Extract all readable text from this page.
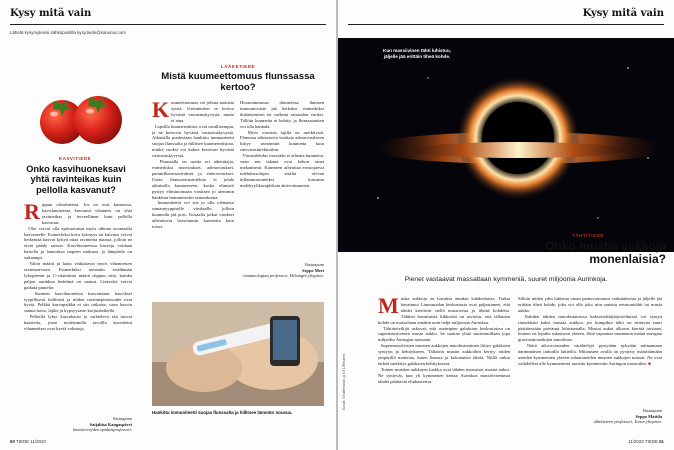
Kysy mitä vain
Lähetä kysymyksesi sähköpostilla kysy.tiede@sanoma.com
KASVITIEDE
Onko kasvihuoneksavi yhtä ravinteikas kuin pellolla kasvanut?

Rippuu olosuhteista. Jos ne ovat kunnossa, kasvihuoneessa kasvanut vihannes on yhtä ravinteikas ja terveellinen kuin pellolla kasvanut.

Olot voivat olla epäsuotuisat myös ulkona avomaalla kasvaneelle. Esimerkiksi kova kylmyys tai kuivuus voivat heikentää kasvin kykyä ottaa ravinteita maasta, jolloin ne eivät päädy satoon. Kasvihuoneessa kasveja voidaan kastella ja lannoittaa tarpeen mukaan, ja lämpötila on vakaampi.

Valon määrä ja laatu vaikuttavat myös vihannesten ravintoarvoon. Esimerkiksi tomaatin sisältämän lykopeenin ja C-vitamiinin määrä riippuu siitä, kuinka paljon aurinkoa hedelmä on saanut. Lisävalot voivat paikata puutetta.

Suomen kasvihuoneissa kasvatetaan kasvikset tyypillisesti hallitusti ja niiden ravinnepitoisuudet ovat hyviä. Pelkkä kasvupaikka ei siis ratkaise, vaan kasvin saama hoito, lajike ja kypsyysaste korjuuhetkellä.

Pelloilla lyhyt kasvukausi ja vaihteleva sää tuovat haasteita, joten molemmilla tavoilla kasvatetut vihannekset ovat hyviä valintoja.

Vastaajana
Saijaliisa Kangaspävri
kasviterveyden apulaisprofessori.
LÄÄKETIEDE
Mistä kuumeettomuus flunssassa kertoo?

Kuumeettomuus voi johtua monista syistä. Useimmiten se kertoo hyvästä vastustuskyvystä, mutta ei aina.

Lapsilla kuumereaktiot ovat tavallisempia, ja ne kertovat hyvästä vastustuskyvystä. Aikuisilla puolestaan hankittu immuniteetti suojaa flunssalta ja hillitsee kuumereaktiota, minkä vuoksi voi kokea kertovan hyvästä vastustuskyvystä.

Flunssalla on useita eri aiheuttajia, esimerkiksi rinovirukset, adenovirukset, parainfluenssavirukset ja enterovirukset. Usein flunssavirusinfektio ei johda aikuisella kuumeeseen, koska elimistö pystyy eliminoimaan viruksen jo aiemmin hankitun immuniteetin seurauksena.

Immuniteetti voi siis jo olla olemassa samantyyppiselle virukselle, jolloin kuumeilu jää pois. Toisaalta jotkut virukset aiheuttavat harvemmin kuumetta kuin toiset.

Hoonoimmassa tilanteessa ihmisen immuunivaste jää heikoksi esimerkiksi ikääntymisen tai vaikean sairauden vuoksi. Tällöin kuumetta ei kehity, ja flunssatautien voi olla hankala.

Myös virusten lajilla on merkitystä. Flunssaa aiheuttavia viruksia adenovirukseen liittyy useammin kuumetta kuin rinovirusinfektioihin.

Virustulehdus itsessään ei aiheuta kuumetta, vaan sen takana ovat kehon omat mekanismit. Kuumeen aiheuttaa erosiojaessi tulehdussolujen sisältä olevan inflammasomeiksi kutsutun molekyylikompleksin aktivoituminen.

Vastaajana
Seppo Meri
immunologian professori, Helsingin yliopisto.
Hankittu immuniteetti suojaa flunssalta ja hillitsee lämmön nousua.
60 TIEDE 11/2023
Kysy mitä vain
Kun massiivinen tähti luhistuu, jäljelle jää erittäin tiheä kohde.
Kuvat: Shutterstock ja NTL/Reuters
TÄHTITIEDE
Onko mustia aukkoja monenlaisia?
Pienet vastaavat massaltaan kymmeniä, suuret miljoonia Aurinkoja.

Mustia aukkoja on havaittu ainakin kahdenlaisia. Tarkat havainnot Linnunradan keskustasta ovat paljastaneet, että tähdet kiertävät siellä massiivista ja tiheää kohdetta. Tähtien havaituista liikkeistä on arvioitu, että tällainen kohde on massaltaan ainakin noin neljä miljoonaa Aurinkoa.

Tähtitieteilijät uskovat, että useimpien galaksien keskustoissa on supermassiivinen musta aukko. Se saattaa yltää suurimmillaan jopa miljardin Auringon massaan.

Supermassiivisten mustien aukkojen muodostuminen liittyy galaksien syntyyn ja kehitykseen. Tällaisin mustin aukkoihin kertyy niiden ympärillä materiaa, kuten kaasua ja kokonaisia tähtiä. Niillä onkin tärkeä merkitys galaksien kehityksessä.

Toinen mustien aukkojen luokka ovat tähden massaiset mustat aukot. Ne syntyvät, kun yli kymmenen kertaa Aurinkoa massiivisemmat tähdet päättävät elinkaarensa.

Silloin niiden ydin luhistuu oman painovoimansa vaikutuksesta ja jäljelle jää erittäin tiheä kohde, joka voi olla joko niin sanottu neutronitähti tai musta aukko.

Kahden tähden muodostamissa kaksoistähtijärjestelmissä voi syntyä rinnakkain kaksi mustaa aukkoa, jos kumpikin tähti on riittävän suuri päättäessään päivänsä luhistumalla. Mustat aukot alkavat kiertää toisiaan, kunnes ne lopulta sulautuvat yhteen. Siitä vapautuu suunnaton määrä energiaa gravitaatioaaltojen muodossa.

Näitä aika-avaruuden värähtelyjä pystytään nykyään mittaamaan äärimmäisen tarkoilla laitteilla. Mittausten avulla on pystytty määrittämään useiden kymmenien yhteen sulautuneiden mustien aukkojen massat. Ne ovat vaihdelleet alle kymmenestä useisiin kymmeniin Auringon massoihin. ■

Vastaajana
Seppo Mattila
tähtitieteen professori, Turun yliopisto.
11/2023 TIEDE 61
